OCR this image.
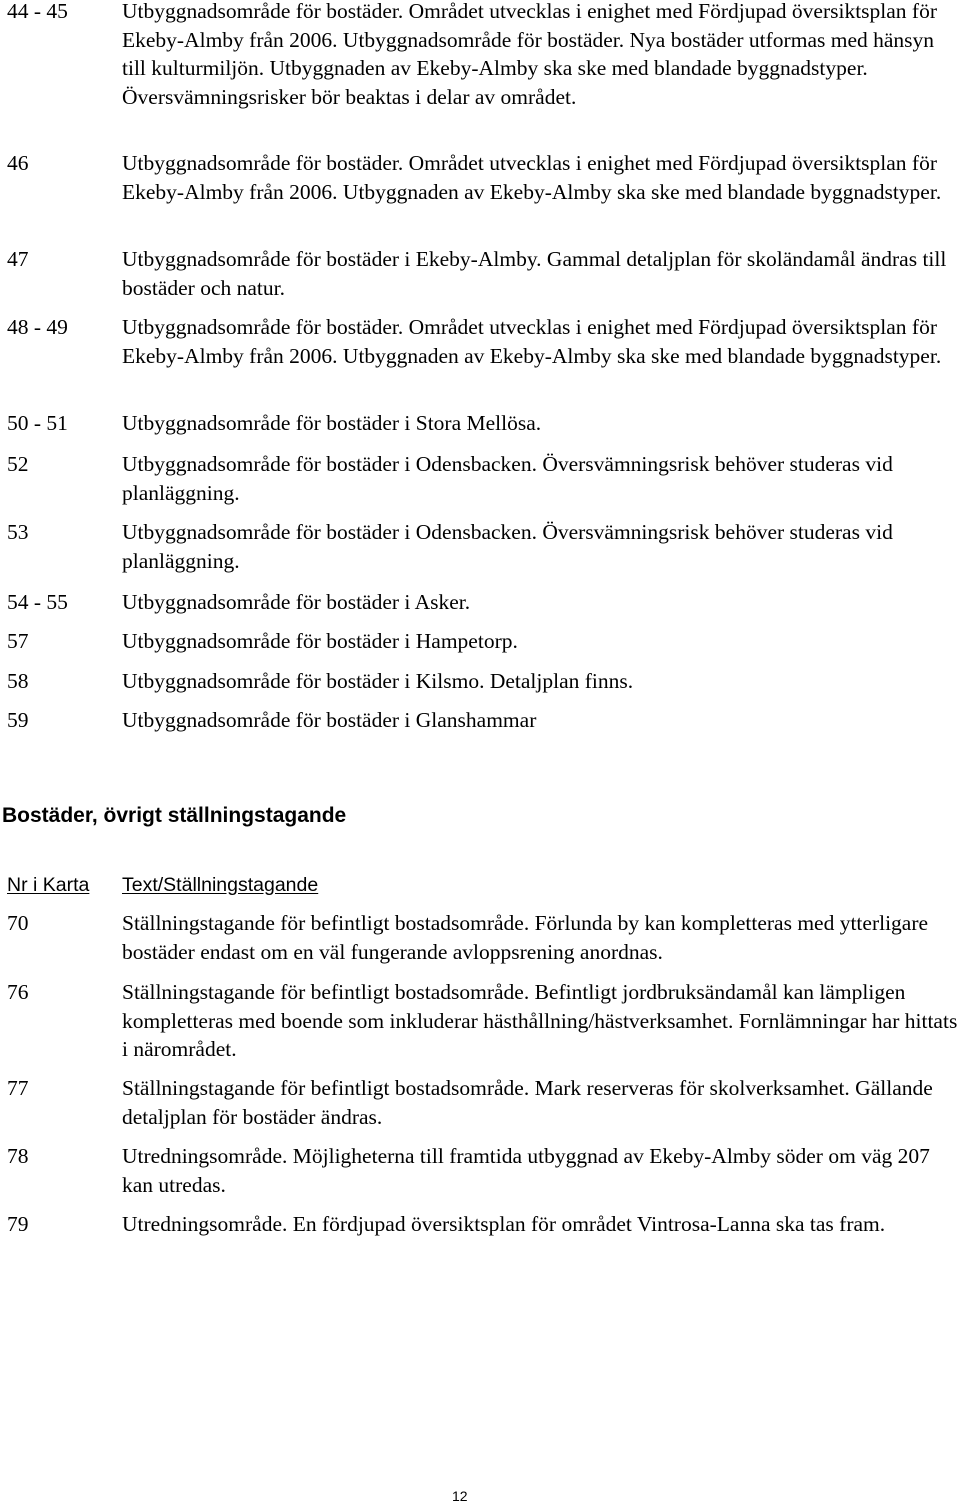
44 - 45	Utbyggnadsområde för bostäder. Området utvecklas i enighet med Fördjupad översiktsplan för Ekeby-Almby från 2006. Utbyggnadsområde för bostäder. Nya bostäder utformas med hänsyn till kulturmiljön. Utbyggnaden av Ekeby-Almby ska ske med blandade byggnadstyper. Översvämningsrisker bör beaktas i delar av området.
46	Utbyggnadsområde för bostäder. Området utvecklas i enighet med Fördjupad översiktsplan för Ekeby-Almby från 2006. Utbyggnaden av Ekeby-Almby ska ske med blandade byggnadstyper.
47	Utbyggnadsområde för bostäder i Ekeby-Almby. Gammal detaljplan för skoländamål ändras till bostäder och natur.
48 - 49	Utbyggnadsområde för bostäder. Området utvecklas i enighet med Fördjupad översiktsplan för Ekeby-Almby från 2006. Utbyggnaden av Ekeby-Almby ska ske med blandade byggnadstyper.
50 - 51	Utbyggnadsområde för bostäder i Stora Mellösa.
52	Utbyggnadsområde för bostäder i Odensbacken. Översvämningsrisk behöver studeras vid planläggning.
53	Utbyggnadsområde för bostäder i Odensbacken. Översvämningsrisk behöver studeras vid planläggning.
54 - 55	Utbyggnadsområde för bostäder i Asker.
57	Utbyggnadsområde för bostäder i Hampetorp.
58	Utbyggnadsområde för bostäder i Kilsmo. Detaljplan finns.
59	Utbyggnadsområde för bostäder i Glanshammar
Bostäder, övrigt ställningstagande
Nr i Karta Text/Ställningstagande
70	Ställningstagande för befintligt bostadsområde. Förlunda by kan kompletteras med ytterligare bostäder endast om en väl fungerande avloppsrening anordnas.
76	Ställningstagande för befintligt bostadsområde. Befintligt jordbruksändamål kan lämpligen kompletteras med boende som inkluderar hästhållning/hästverksamhet. Fornlämningar har hittats i närområdet.
77	Ställningstagande för befintligt bostadsområde. Mark reserveras för skolverksamhet. Gällande detaljplan för bostäder ändras.
78	Utredningsområde. Möjligheterna till framtida utbyggnad av Ekeby-Almby söder om väg 207 kan utredas.
79	Utredningsområde. En fördjupad översiktsplan för området Vintrosa-Lanna ska tas fram.
12
